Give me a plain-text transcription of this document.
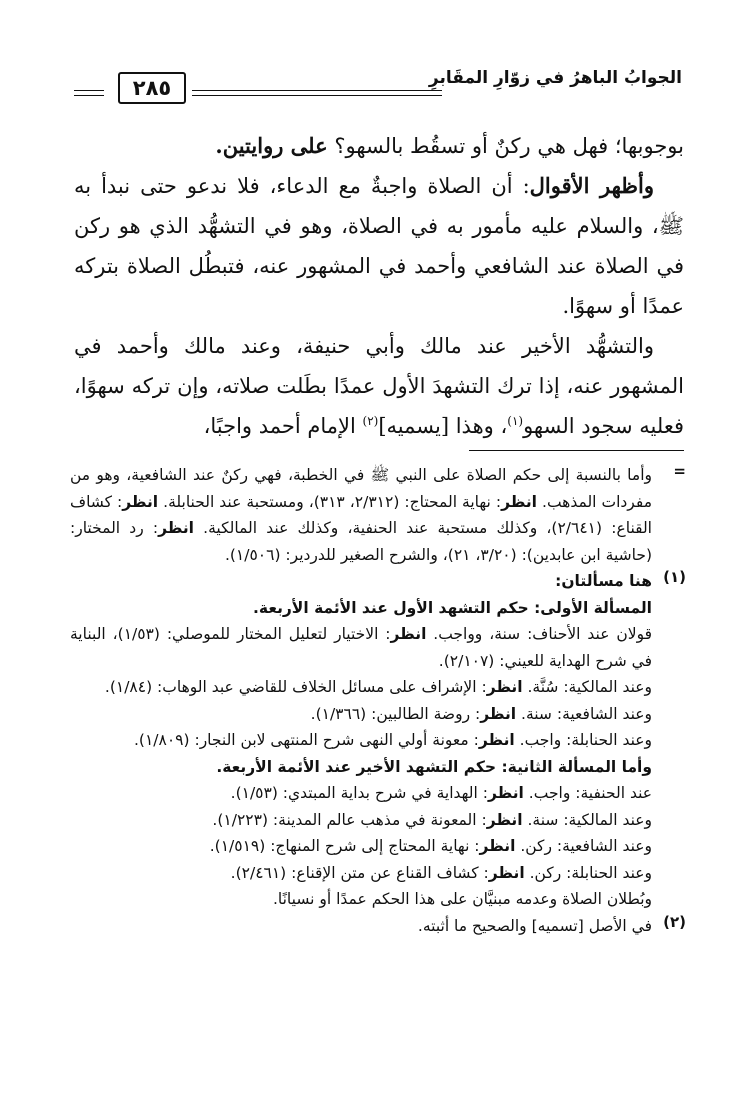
الجوابُ الباهرُ في زوّارِ المقَابرِ
٢٨٥

بوجوبها؛ فهل هي ركنٌ أو تسقُط بالسهو؟ على روايتين.

وأظهر الأقوال: أن الصلاة واجبةٌ مع الدعاء، فلا ندعو حتى نبدأ به ﷺ، والسلام عليه مأمور به في الصلاة، وهو في التشهُّد الذي هو ركن في الصلاة عند الشافعي وأحمد في المشهور عنه، فتبطُل الصلاة بتركه عمدًا أو سهوًا.

والتشهُّد الأخير عند مالك وأبي حنيفة، وعند مالك وأحمد في المشهور عنه، إذا ترك التشهدَ الأول عمدًا بطَلت صلاته، وإن تركه سهوًا، فعليه سجود السهو$^{(١)}$، وهذا [يسميه]$^{(٢)}$ الإمام أحمد واجبًا،

=

وأما بالنسبة إلى حكم الصلاة على النبي ﷺ في الخطبة، فهي ركنٌ عند الشافعية، وهو من مفردات المذهب. انظر: نهاية المحتاج: (٢/٣١٢، ٣١٣)، ومستحبة عند الحنابلة. انظر: كشاف القناع: (٢/٦٤١)، وكذلك مستحبة عند الحنفية، وكذلك عند المالكية. انظر: رد المختار: (حاشية ابن عابدين): (٣/٢٠، ٢١)، والشرح الصغير للدردير: (١/٥٠٦).

(١)

هنا مسألتان:

المسألة الأولى: حكم التشهد الأول عند الأئمة الأربعة.

قولان عند الأحناف: سنة، وواجب. انظر: الاختيار لتعليل المختار للموصلي: (١/٥٣)، البناية في شرح الهداية للعيني: (٢/١٠٧).

وعند المالكية: سُنَّة. انظر: الإشراف على مسائل الخلاف للقاضي عبد الوهاب: (١/٨٤).

وعند الشافعية: سنة. انظر: روضة الطالبين: (١/٣٦٦).

وعند الحنابلة: واجب. انظر: معونة أولي النهى شرح المنتهى لابن النجار: (١/٨٠٩).

وأما المسألة الثانية: حكم التشهد الأخير عند الأئمة الأربعة.

عند الحنفية: واجب. انظر: الهداية في شرح بداية المبتدي: (١/٥٣).

وعند المالكية: سنة. انظر: المعونة في مذهب عالم المدينة: (١/٢٢٣).

وعند الشافعية: ركن. انظر: نهاية المحتاج إلى شرح المنهاج: (١/٥١٩).

وعند الحنابلة: ركن. انظر: كشاف القناع عن متن الإقناع: (٢/٤٦١).

وبُطلان الصلاة وعدمه مبنيَّان على هذا الحكم عمدًا أو نسيانًا.

(٢)

في الأصل [تسميه] والصحيح ما أثبته.
